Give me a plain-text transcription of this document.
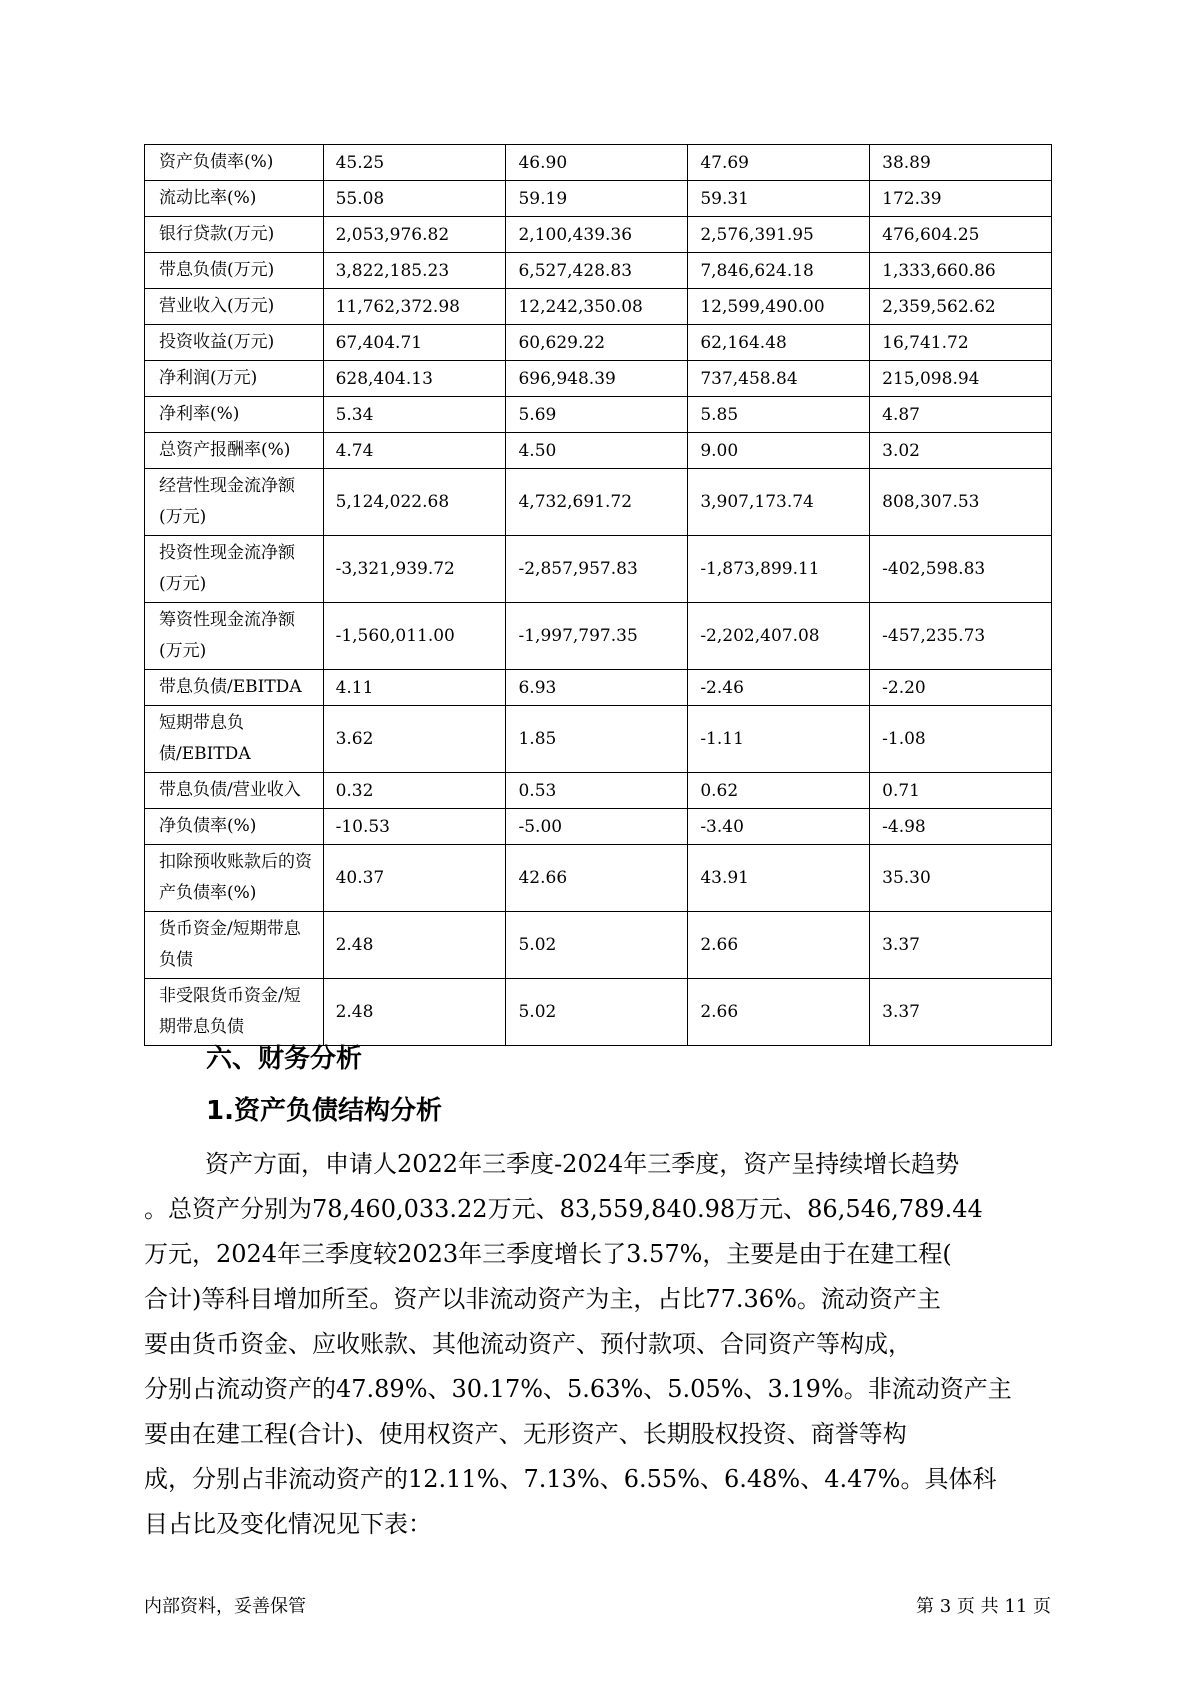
资产负债率(%)	45.25	46.90	47.69	38.89
流动比率(%)	55.08	59.19	59.31	172.39
银行贷款(万元)	2,053,976.82	2,100,439.36	2,576,391.95	476,604.25
带息负债(万元)	3,822,185.23	6,527,428.83	7,846,624.18	1,333,660.86
营业收入(万元)	11,762,372.98	12,242,350.08	12,599,490.00	2,359,562.62
投资收益(万元)	67,404.71	60,629.22	62,164.48	16,741.72
净利润(万元)	628,404.13	696,948.39	737,458.84	215,098.94
净利率(%)	5.34	5.69	5.85	4.87
总资产报酬率(%)	4.74	4.50	9.00	3.02
经营性现金流净额(万元)	5,124,022.68	4,732,691.72	3,907,173.74	808,307.53
投资性现金流净额(万元)	-3,321,939.72	-2,857,957.83	-1,873,899.11	-402,598.83
筹资性现金流净额(万元)	-1,560,011.00	-1,997,797.35	-2,202,407.08	-457,235.73
带息负债/EBITDA	4.11	6.93	-2.46	-2.20
短期带息负债/EBITDA	3.62	1.85	-1.11	-1.08
带息负债/营业收入	0.32	0.53	0.62	0.71
净负债率(%)	-10.53	-5.00	-3.40	-4.98
扣除预收账款后的资产负债率(%)	40.37	42.66	43.91	35.30
货币资金/短期带息负债	2.48	5.02	2.66	3.37
非受限货币资金/短期带息负债	2.48	5.02	2.66	3.37
六、财务分析
1.资产负债结构分析

资产方面，申请人2022年三季度-2024年三季度，资产呈持续增长趋势
。总资产分别为78,460,033.22万元、83,559,840.98万元、86,546,789.44
万元，2024年三季度较2023年三季度增长了3.57%，主要是由于在建工程(
合计)等科目增加所至。资产以非流动资产为主，占比77.36%。流动资产主
要由货币资金、应收账款、其他流动资产、预付款项、合同资产等构成，
分别占流动资产的47.89%、30.17%、5.63%、5.05%、3.19%。非流动资产主
要由在建工程(合计)、使用权资产、无形资产、长期股权投资、商誉等构
成，分别占非流动资产的12.11%、7.13%、6.55%、6.48%、4.47%。具体科
目占比及变化情况见下表：

内部资料，妥善保管	第 3 页 共 11 页
